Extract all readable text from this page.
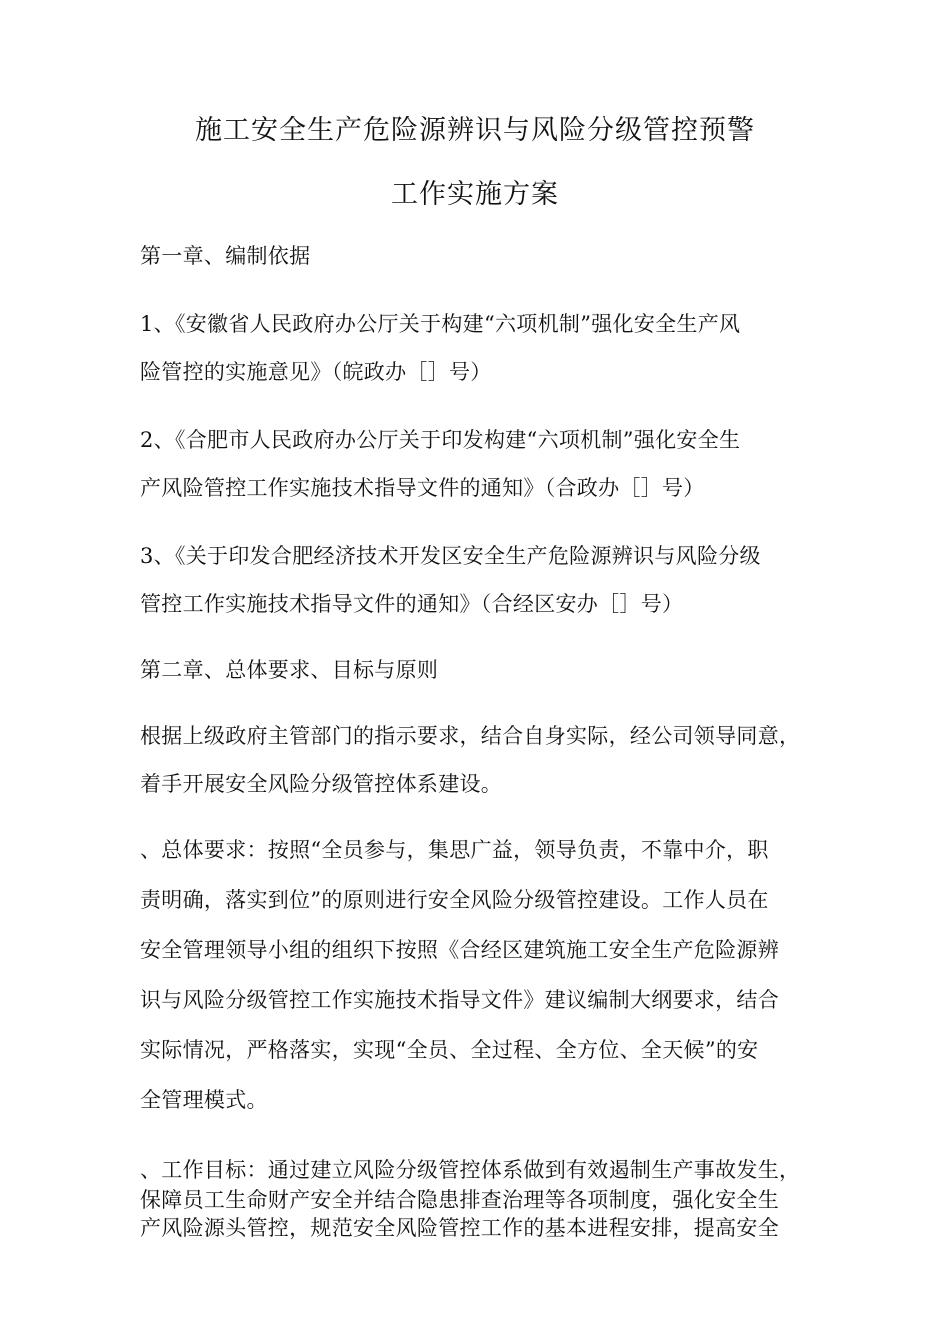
施工安全生产危险源辨识与风险分级管控预警
工作实施方案
第一章、编制依据
1、《安徽省人民政府办公厅关于构建“六项机制”强化安全生产风
险管控的实施意见》（皖政办［］号）
2、《合肥市人民政府办公厅关于印发构建“六项机制”强化安全生
产风险管控工作实施技术指导文件的通知》（合政办［］号）
3、《关于印发合肥经济技术开发区安全生产危险源辨识与风险分级
管控工作实施技术指导文件的通知》（合经区安办［］号）
第二章、总体要求、目标与原则
根据上级政府主管部门的指示要求，结合自身实际，经公司领导同意，
着手开展安全风险分级管控体系建设。
、总体要求：按照“全员参与，集思广益，领导负责，不靠中介，职
责明确，落实到位”的原则进行安全风险分级管控建设。工作人员在
安全管理领导小组的组织下按照《合经区建筑施工安全生产危险源辨
识与风险分级管控工作实施技术指导文件》建议编制大纲要求，结合
实际情况，严格落实，实现“全员、全过程、全方位、全天候”的安
全管理模式。
、工作目标：通过建立风险分级管控体系做到有效遏制生产事故发生，
保障员工生命财产安全并结合隐患排查治理等各项制度，强化安全生
产风险源头管控，规范安全风险管控工作的基本进程安排，提高安全
